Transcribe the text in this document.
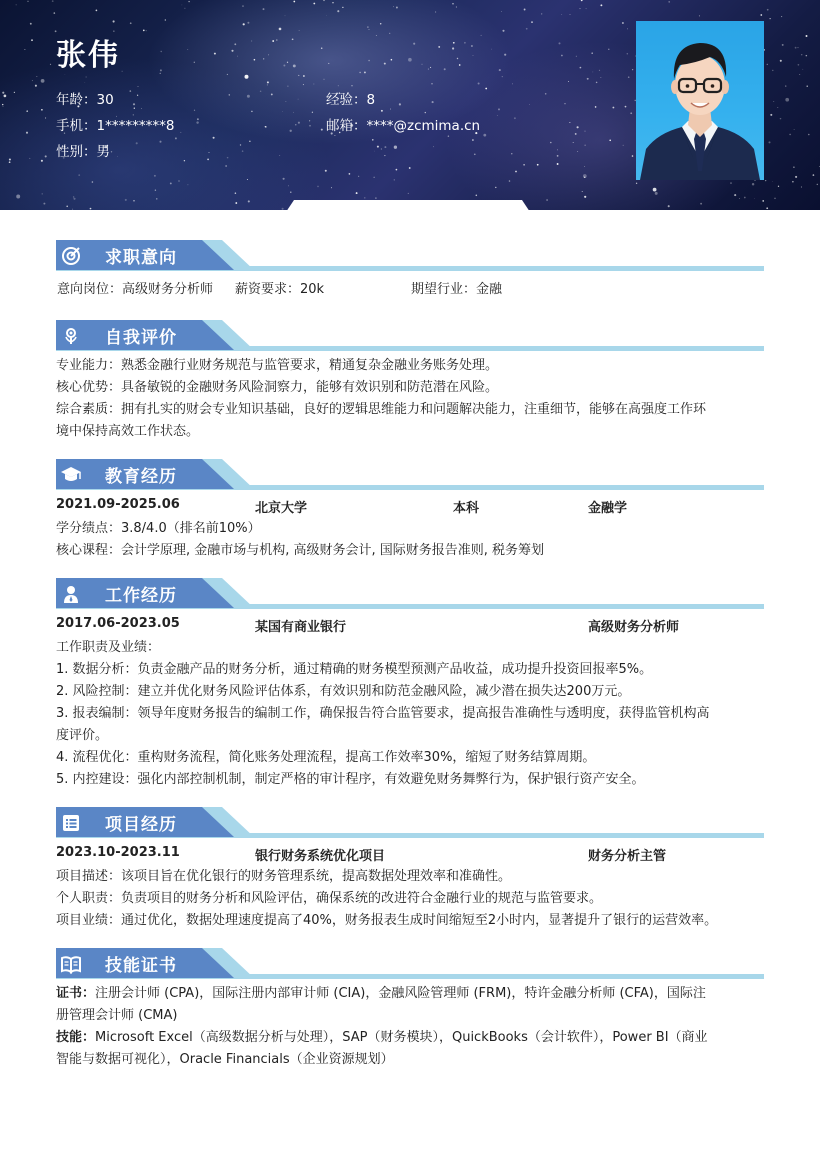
张伟
年龄：30	经验：8
手机：1*********8	邮箱：****@zcmima.cn
性别：男
求职意向
意向岗位：高级财务分析师 薪资要求：20k	期望行业：金融
自我评价
专业能力：熟悉金融行业财务规范与监管要求，精通复杂金融业务账务处理。
核心优势：具备敏锐的金融财务风险洞察力，能够有效识别和防范潜在风险。
综合素质：拥有扎实的财会专业知识基础，良好的逻辑思维能力和问题解决能力，注重细节，能够在高强度工作环
境中保持高效工作状态。
教育经历
2021.09-2025.06	北京大学	本科	金融学
学分绩点：3.8/4.0（排名前10%）
核心课程：会计学原理, 金融市场与机构, 高级财务会计, 国际财务报告准则, 税务筹划
工作经历
2017.06-2023.05	某国有商业银行	高级财务分析师
工作职责及业绩：
1. 数据分析：负责金融产品的财务分析，通过精确的财务模型预测产品收益，成功提升投资回报率5%。
2. 风险控制：建立并优化财务风险评估体系，有效识别和防范金融风险，减少潜在损失达200万元。
3. 报表编制：领导年度财务报告的编制工作，确保报告符合监管要求，提高报告准确性与透明度，获得监管机构高
度评价。
4. 流程优化：重构财务流程，简化账务处理流程，提高工作效率30%，缩短了财务结算周期。
5. 内控建设：强化内部控制机制，制定严格的审计程序，有效避免财务舞弊行为，保护银行资产安全。
项目经历
2023.10-2023.11	银行财务系统优化项目	财务分析主管
项目描述：该项目旨在优化银行的财务管理系统，提高数据处理效率和准确性。
个人职责：负责项目的财务分析和风险评估，确保系统的改进符合金融行业的规范与监管要求。
项目业绩：通过优化，数据处理速度提高了40%，财务报表生成时间缩短至2小时内，显著提升了银行的运营效率。
技能证书
证书：注册会计师 (CPA)，国际注册内部审计师 (CIA)，金融风险管理师 (FRM)，特许金融分析师 (CFA)，国际注
册管理会计师 (CMA)
技能：Microsoft Excel（高级数据分析与处理），SAP（财务模块），QuickBooks（会计软件），Power BI（商业
智能与数据可视化），Oracle Financials（企业资源规划）
